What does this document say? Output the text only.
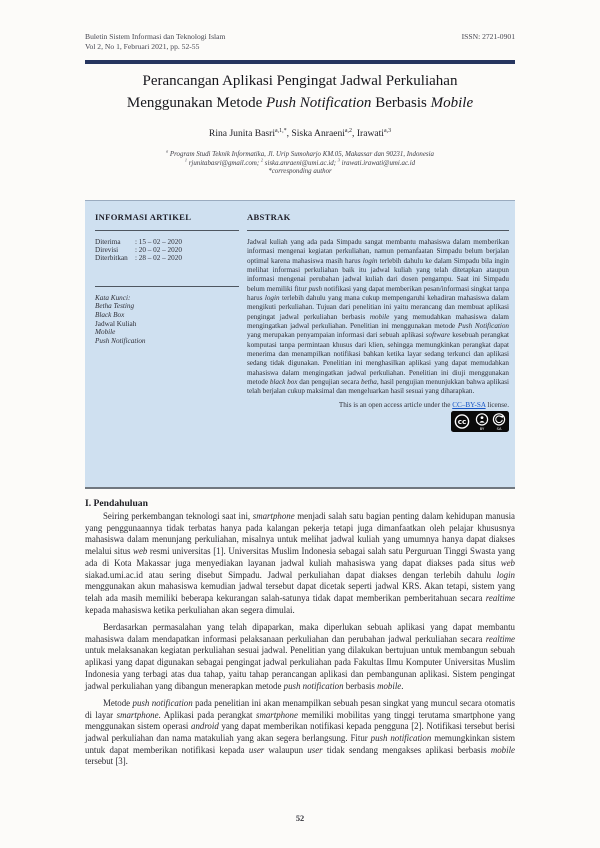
Buletin Sistem Informasi dan Teknologi Islam
Vol 2, No 1, Februari 2021, pp. 52-55
ISSN: 2721-0901
Perancangan Aplikasi Pengingat Jadwal Perkuliahan
Menggunakan Metode Push Notification Berbasis Mobile
Rina Junita Basri$^{a,1,*}$, Siska Anraeni$^{a,2}$, Irawati$^{a,3}$
$^a$ Program Studi Teknik Informatika, Jl. Urip Sumoharjo KM.05, Makassar dan 90231, Indonesia
$^1$ rjunitabasri@gmail.com; $^2$ siska.anraeni@umi.ac.id; $^3$ irawati.irawati@umi.ac.id
*corresponding author
INFORMASI ARTIKEL
Diterima	: 15 – 02 – 2020
Direvisi	: 20 – 02 – 2020
Diterbitkan	: 28 – 02 – 2020
Kata Kunci:
Betha Testing
Black Box
Jadwal Kuliah
Mobile
Push Notification
ABSTRAK
Jadwal kuliah yang ada pada Simpadu sangat membantu mahasiswa dalam memberikan informasi mengenai kegiatan perkuliahan, namun pemanfaatan Simpadu belum berjalan optimal karena mahasiswa masih harus login terlebih dahulu ke dalam Simpadu bila ingin melihat informasi perkuliahan baik itu jadwal kuliah yang telah ditetapkan ataupun informasi mengenai perubahan jadwal kuliah dari dosen pengampu. Saat ini Simpadu belum memiliki fitur push notifikasi yang dapat memberikan pesan/informasi singkat tanpa harus login terlebih dahulu yang mana cukup mempengaruhi kehadiran mahasiswa dalam mengikuti perkuliahan. Tujuan dari penelitian ini yaitu merancang dan membuat aplikasi pengingat jadwal perkuliahan berbasis mobile yang memudahkan mahasiswa dalam mengingatkan jadwal perkuliahan. Penelitian ini menggunakan metode Push Notification yang merupakan penyampaian informasi dari sebuah aplikasi software kesebuah perangkat komputasi tanpa permintaan khusus dari klien, sehingga memungkinkan perangkat dapat menerima dan menampilkan notifikasi bahkan ketika layar sedang terkunci dan aplikasi sedang tidak digunakan. Penelitian ini menghasilkan aplikasi yang dapat memudahkan mahasiswa dalam mengingatkan jadwal perkuliahan. Penelitian ini diuji menggunakan metode black box dan pengujian secara betha, hasil pengujian menunjukkan bahwa aplikasi telah berjalan cukup maksimal dan mengeluarkan hasil sesuai yang diharapkan.
This is an open access article under the CC–BY-SA license.
cc
BY	SA
I. Pendahuluan

Seiring perkembangan teknologi saat ini, smartphone menjadi salah satu bagian penting dalam kehidupan manusia yang penggunaannya tidak terbatas hanya pada kalangan pekerja tetapi juga dimanfaatkan oleh pelajar khususnya mahasiswa dalam menunjang perkuliahan, misalnya untuk melihat jadwal kuliah yang umumnya hanya dapat diakses melalui situs web resmi universitas [1]. Universitas Muslim Indonesia sebagai salah satu Perguruan Tinggi Swasta yang ada di Kota Makassar juga menyediakan layanan jadwal kuliah mahasiswa yang dapat diakses pada situs web siakad.umi.ac.id atau sering disebut Simpadu. Jadwal perkuliahan dapat diakses dengan terlebih dahulu login menggunakan akun mahasiswa kemudian jadwal tersebut dapat dicetak seperti jadwal KRS. Akan tetapi, sistem yang telah ada masih memiliki beberapa kekurangan salah-satunya tidak dapat memberikan pemberitahuan secara realtime kepada mahasiswa ketika perkuliahan akan segera dimulai.

Berdasarkan permasalahan yang telah dipaparkan, maka diperlukan sebuah aplikasi yang dapat membantu mahasiswa dalam mendapatkan informasi pelaksanaan perkuliahan dan perubahan jadwal perkuliahan secara realtime untuk melaksanakan kegiatan perkuliahan sesuai jadwal. Penelitian yang dilakukan bertujuan untuk membangun sebuah aplikasi yang dapat digunakan sebagai pengingat jadwal perkuliahan pada Fakultas Ilmu Komputer Universitas Muslim Indonesia yang terbagi atas dua tahap, yaitu tahap perancangan aplikasi dan pembangunan aplikasi. Sistem pengingat jadwal perkuliahan yang dibangun menerapkan metode push notification berbasis mobile.

Metode push notification pada penelitian ini akan menampilkan sebuah pesan singkat yang muncul secara otomatis di layar smartphone. Aplikasi pada perangkat smartphone memiliki mobilitas yang tinggi terutama smartphone yang menggunakan sistem operasi android yang dapat memberikan notifikasi kepada pengguna [2]. Notifikasi tersebut berisi jadwal perkuliahan dan nama matakuliah yang akan segera berlangsung. Fitur push notification memungkinkan sistem untuk dapat memberikan notifikasi kepada user walaupun user tidak sendang mengakses aplikasi berbasis mobile tersebut [3].

52
